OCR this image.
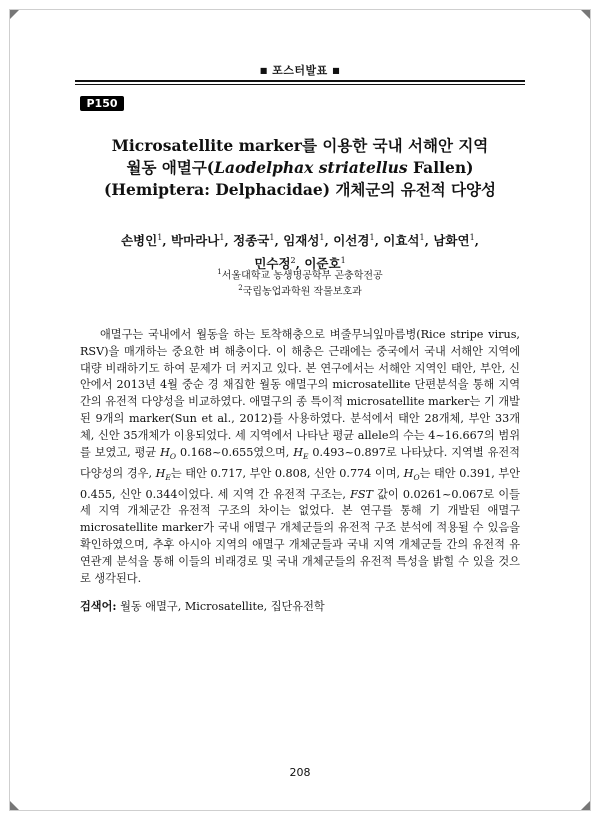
■ 포스터발표 ■
P150
Microsatellite marker를 이용한 국내 서해안 지역
월동 애멸구(Laodelphax striatellus Fallen)
(Hemiptera: Delphacidae) 개체군의 유전적 다양성
손병인$^1$, 박마라나$^1$, 정종국$^1$, 임재성$^1$, 이선경$^1$, 이효석$^1$, 남화연$^1$,
민수정$^2$, 이준호$^1$
$^1$서울대학교 농생명공학부 곤충학전공
$^2$국립농업과학원 작물보호과

애멸구는 국내에서 월동을 하는 토착해충으로 벼줄무늬잎마름병(Rice stripe virus, RSV)을 매개하는 중요한 벼 해충이다. 이 해충은 근래에는 중국에서 국내 서해안 지역에 대량 비래하기도 하여 문제가 더 커지고 있다. 본 연구에서는 서해안 지역인 태안, 부안, 신안에서 2013년 4월 중순 경 채집한 월동 애멸구의 microsatellite 단편분석을 통해 지역 간의 유전적 다양성을 비교하였다. 애멸구의 종 특이적 microsatellite marker는 기 개발된 9개의 marker(Sun et al., 2012)를 사용하였다. 분석에서 태안 28개체, 부안 33개체, 신안 35개체가 이용되었다. 세 지역에서 나타난 평균 allele의 수는 4~16.667의 범위를 보였고, 평균 $H_O$ 0.168~0.655였으며, $H_E$ 0.493~0.897로 나타났다. 지역별 유전적 다양성의 경우, $H_E$는 태안 0.717, 부안 0.808, 신안 0.774 이며, $H_O$는 태안 0.391, 부안 0.455, 신안 0.344이었다. 세 지역 간 유전적 구조는, FST 값이 0.0261~0.067로 이들 세 지역 개체군간 유전적 구조의 차이는 없었다. 본 연구를 통해 기 개발된 애멸구 microsatellite marker가 국내 애멸구 개체군들의 유전적 구조 분석에 적용될 수 있음을 확인하였으며, 추후 아시아 지역의 애멸구 개체군들과 국내 지역 개체군들 간의 유전적 유연관계 분석을 통해 이들의 비래경로 및 국내 개체군들의 유전적 특성을 밝힐 수 있을 것으로 생각된다.

검색어: 월동 애멸구, Microsatellite, 집단유전학
208
